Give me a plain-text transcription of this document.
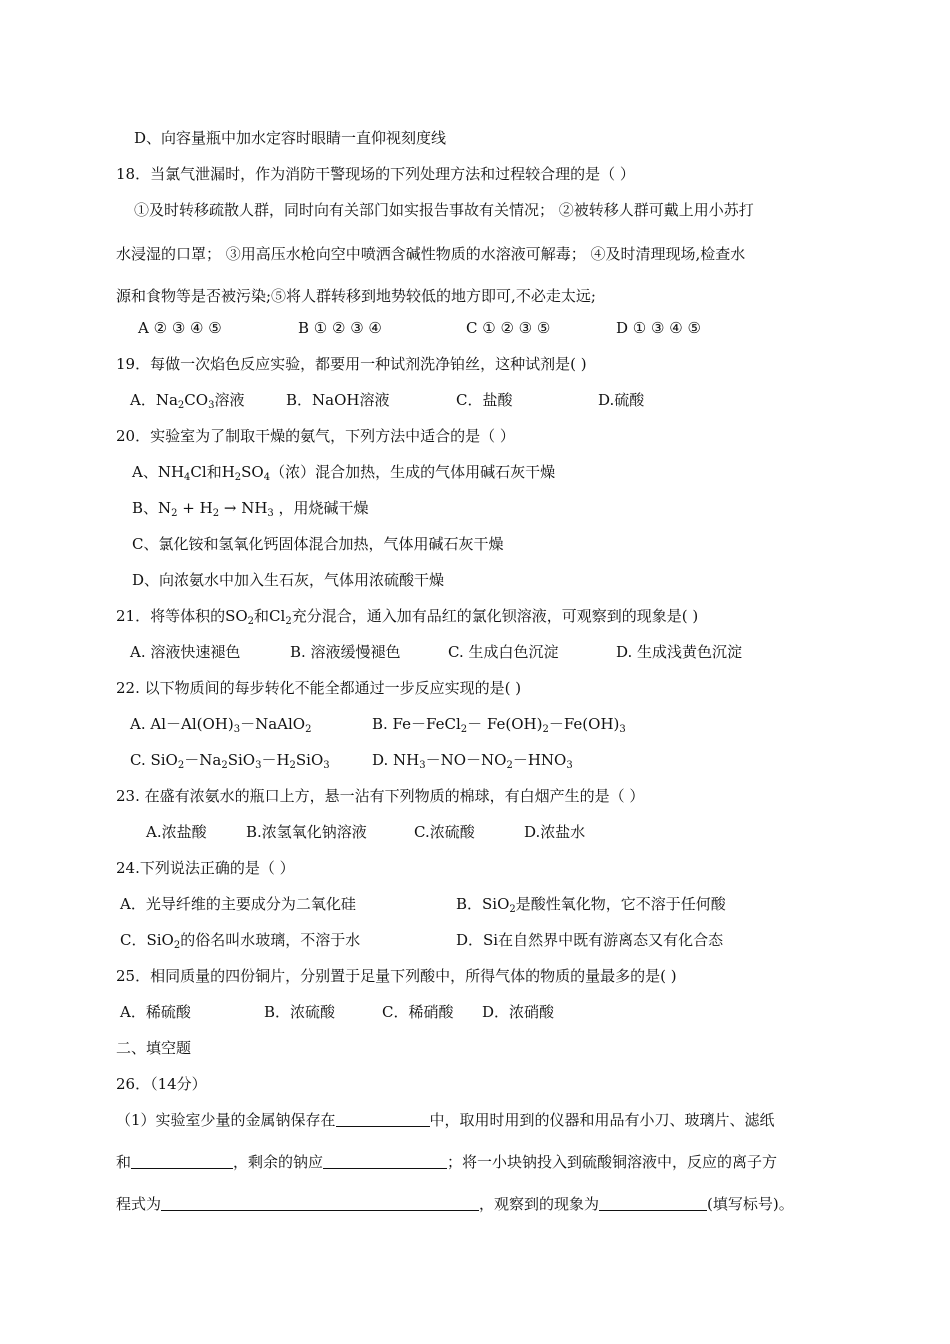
D、向容量瓶中加水定容时眼睛一直仰视刻度线
18．当氯气泄漏时，作为消防干警现场的下列处理方法和过程较合理的是（ ）
①及时转移疏散人群，同时向有关部门如实报告事故有关情况； ②被转移人群可戴上用小苏打
水浸湿的口罩； ③用高压水枪向空中喷洒含碱性物质的水溶液可解毒； ④及时清理现场,检查水
源和食物等是否被污染;⑤将人群转移到地势较低的地方即可,不必走太远;
A ② ③ ④ ⑤	B ① ② ③ ④	C ① ② ③ ⑤	D ① ③ ④ ⑤
19．每做一次焰色反应实验，都要用一种试剂洗净铂丝，这种试剂是( )
A．$Na_2CO_3$溶液	B．NaOH溶液	C．盐酸	D.硫酸
20．实验室为了制取干燥的氨气，下列方法中适合的是（ ）
A、$NH_4Cl$和$H_2SO_4$（浓）混合加热，生成的气体用碱石灰干燥
B、$N_2 + H_2 \to NH_3$ ，用烧碱干燥
C、氯化铵和氢氧化钙固体混合加热，气体用碱石灰干燥
D、向浓氨水中加入生石灰，气体用浓硫酸干燥
21．将等体积的$SO_2$和$Cl_2$充分混合，通入加有品红的氯化钡溶液，可观察到的现象是( )
A. 溶液快速褪色	B. 溶液缓慢褪色	C. 生成白色沉淀	D. 生成浅黄色沉淀
22. 以下物质间的每步转化不能全都通过一步反应实现的是( )
A. $Al-Al(OH)_3-NaAlO_2$	B. Fe－FeCl$_2$－ $Fe(OH)_2-Fe(OH)_3$
C. $SiO_2-Na_2SiO_3-H_2SiO_3$	D. $NH_3-NO-NO_2-HNO_3$
23. 在盛有浓氨水的瓶口上方，悬一沾有下列物质的棉球，有白烟产生的是（ ）
A.浓盐酸	B.浓氢氧化钠溶液	C.浓硫酸	D.浓盐水
24.下列说法正确的是（ ）
A．光导纤维的主要成分为二氧化硅	B．SiO$_2$是酸性氧化物，它不溶于任何酸
C．SiO$_2$的俗名叫水玻璃，不溶于水	D．Si在自然界中既有游离态又有化合态
25．相同质量的四份铜片，分别置于足量下列酸中，所得气体的物质的量最多的是( )
A．稀硫酸	B．浓硫酸	C．稀硝酸 D．浓硝酸
二、填空题
26．（14分）
（1）实验室少量的金属钠保存在	中，取用时用到的仪器和用品有小刀、玻璃片、滤纸
和	，剩余的钠应	；将一小块钠投入到硫酸铜溶液中，反应的离子方
程式为	，观察到的现象为	(填写标号)。
